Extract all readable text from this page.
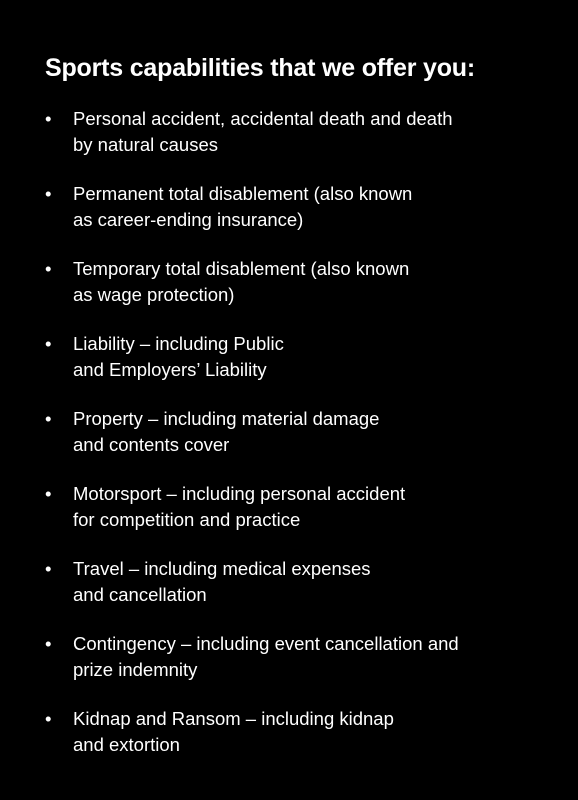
Sports capabilities that we offer you:
• Personal accident, accidental death and death
by natural causes
• Permanent total disablement (also known
as career-ending insurance)
• Temporary total disablement (also known
as wage protection)
• Liability – including Public
and Employers’ Liability
• Property – including material damage
and contents cover
• Motorsport – including personal accident
for competition and practice
• Travel – including medical expenses
and cancellation
• Contingency – including event cancellation and
prize indemnity
• Kidnap and Ransom – including kidnap
and extortion
